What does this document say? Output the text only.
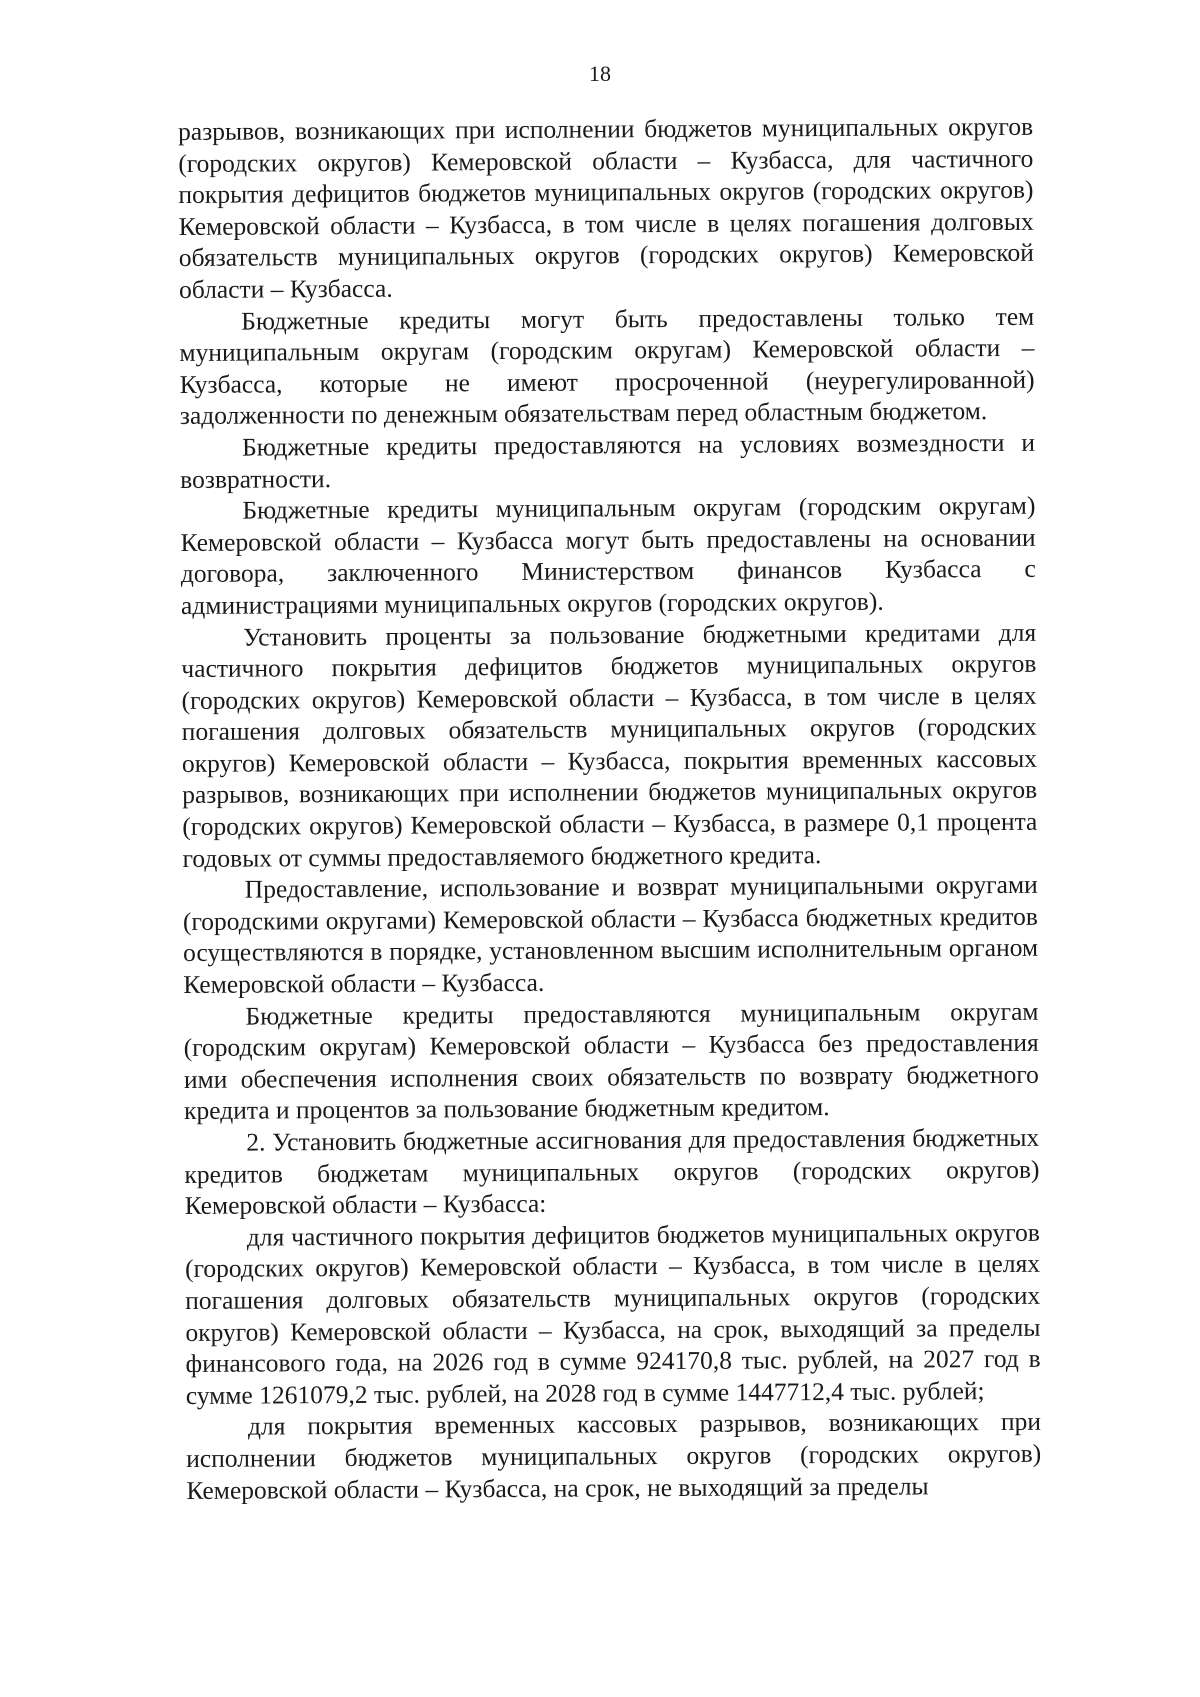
18

разрывов, возникающих при исполнении бюджетов муниципальных округов (городских округов) Кемеровской области – Кузбасса, для частичного покрытия дефицитов бюджетов муниципальных округов (городских округов) Кемеровской области – Кузбасса, в том числе в целях погашения долговых обязательств муниципальных округов (городских округов) Кемеровской области – Кузбасса.

Бюджетные кредиты могут быть предоставлены только тем муниципальным округам (городским округам) Кемеровской области – Кузбасса, которые не имеют просроченной (неурегулированной) задолженности по денежным обязательствам перед областным бюджетом.

Бюджетные кредиты предоставляются на условиях возмездности и возвратности.

Бюджетные кредиты муниципальным округам (городским округам) Кемеровской области – Кузбасса могут быть предоставлены на основании договора, заключенного Министерством финансов Кузбасса с администрациями муниципальных округов (городских округов).

Установить проценты за пользование бюджетными кредитами для частичного покрытия дефицитов бюджетов муниципальных округов (городских округов) Кемеровской области – Кузбасса, в том числе в целях погашения долговых обязательств муниципальных округов (городских округов) Кемеровской области – Кузбасса, покрытия временных кассовых разрывов, возникающих при исполнении бюджетов муниципальных округов (городских округов) Кемеровской области – Кузбасса, в размере 0,1 процента годовых от суммы предоставляемого бюджетного кредита.

Предоставление, использование и возврат муниципальными округами (городскими округами) Кемеровской области – Кузбасса бюджетных кредитов осуществляются в порядке, установленном высшим исполнительным органом Кемеровской области – Кузбасса.

Бюджетные кредиты предоставляются муниципальным округам (городским округам) Кемеровской области – Кузбасса без предоставления ими обеспечения исполнения своих обязательств по возврату бюджетного кредита и процентов за пользование бюджетным кредитом.

2. Установить бюджетные ассигнования для предоставления бюджетных кредитов бюджетам муниципальных округов (городских округов) Кемеровской области – Кузбасса:

для частичного покрытия дефицитов бюджетов муниципальных округов (городских округов) Кемеровской области – Кузбасса, в том числе в целях погашения долговых обязательств муниципальных округов (городских округов) Кемеровской области – Кузбасса, на срок, выходящий за пределы финансового года, на 2026 год в сумме 924170,8 тыс. рублей, на 2027 год в сумме 1261079,2 тыс. рублей, на 2028 год в сумме 1447712,4 тыс. рублей;

для покрытия временных кассовых разрывов, возникающих при исполнении бюджетов муниципальных округов (городских округов) Кемеровской области – Кузбасса, на срок, не выходящий за пределы
